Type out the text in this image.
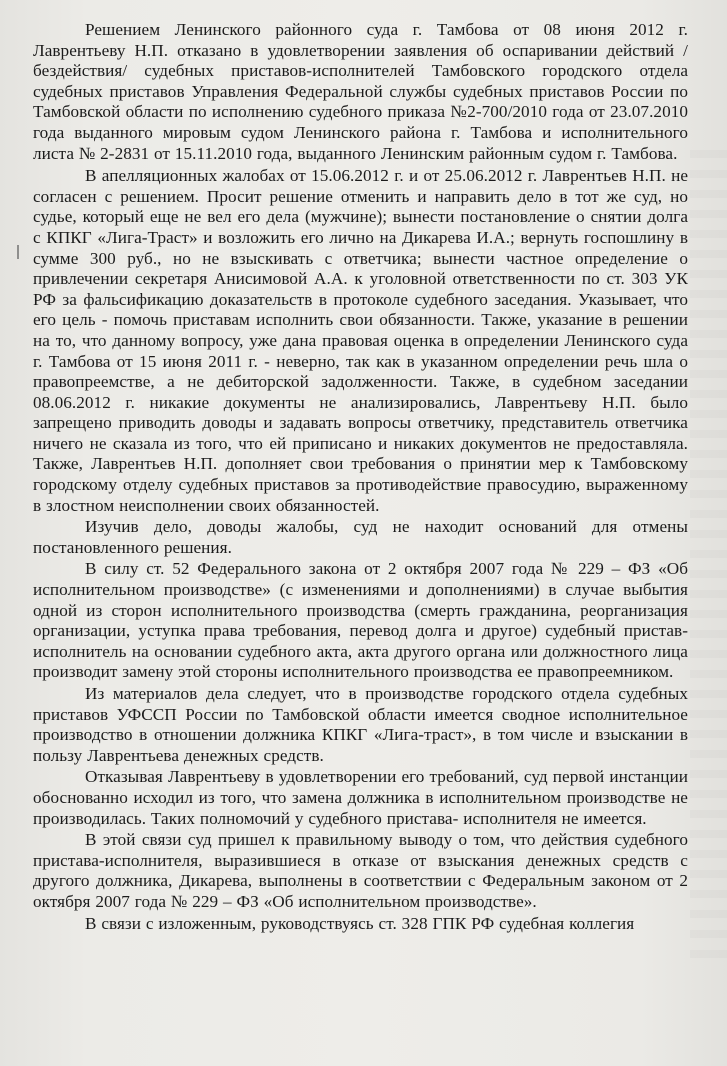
Решением Ленинского районного суда г. Тамбова от 08 июня 2012 г. Лаврентьеву Н.П. отказано в удовлетворении заявления об оспаривании действий /бездействия/ судебных приставов-исполнителей Тамбовского городского отдела судебных приставов Управления Федеральной службы судебных приставов России по Тамбовской области по исполнению судебного приказа №2-700/2010 года от 23.07.2010 года выданного мировым судом Ленинского района г. Тамбова и исполнительного листа № 2-2831 от 15.11.2010 года, выданного Ленинским районным судом г. Тамбова.

В апелляционных жалобах от 15.06.2012 г. и от 25.06.2012 г. Лаврентьев Н.П. не согласен с решением. Просит решение отменить и направить дело в тот же суд, но судье, который еще не вел его дела (мужчине); вынести постановление о снятии долга с КПКГ «Лига-Траст» и возложить его лично на Дикарева И.А.; вернуть госпошлину в сумме 300 руб., но не взыскивать с ответчика; вынести частное определение о привлечении секретаря Анисимовой А.А. к уголовной ответственности по ст. 303 УК РФ за фальсификацию доказательств в протоколе судебного заседания. Указывает, что его цель - помочь приставам исполнить свои обязанности. Также, указание в решении на то, что данному вопросу, уже дана правовая оценка в определении Ленинского суда г. Тамбова от 15 июня 2011 г. - неверно, так как в указанном определении речь шла о правопреемстве, а не дебиторской задолженности. Также, в судебном заседании 08.06.2012 г. никакие документы не анализировались, Лаврентьеву Н.П. было запрещено приводить доводы и задавать вопросы ответчику, представитель ответчика ничего не сказала из того, что ей приписано и никаких документов не предоставляла. Также, Лаврентьев Н.П. дополняет свои требования о принятии мер к Тамбовскому городскому отделу судебных приставов за противодействие правосудию, выраженному в злостном неисполнении своих обязанностей.

Изучив дело, доводы жалобы, суд не находит оснований для отмены постановленного решения.

В силу ст. 52 Федерального закона от 2 октября 2007 года № 229 – ФЗ «Об исполнительном производстве» (с изменениями и дополнениями) в случае выбытия одной из сторон исполнительного производства (смерть гражданина, реорганизация организации, уступка права требования, перевод долга и другое) судебный пристав-исполнитель на основании судебного акта, акта другого органа или должностного лица производит замену этой стороны исполнительного производства ее правопреемником.

Из материалов дела следует, что в производстве городского отдела судебных приставов УФССП России по Тамбовской области имеется сводное исполнительное производство в отношении должника КПКГ «Лига-траст», в том числе и взыскании в пользу Лаврентьева денежных средств.

Отказывая Лаврентьеву в удовлетворении его требований, суд первой инстанции обоснованно исходил из того, что замена должника в исполнительном производстве не производилась. Таких полномочий у судебного пристава- исполнителя не имеется.

В этой связи суд пришел к правильному выводу о том, что действия судебного пристава-исполнителя, выразившиеся в отказе от взыскания денежных средств с другого должника, Дикарева, выполнены в соответствии с Федеральным законом от 2 октября 2007 года № 229 – ФЗ «Об исполнительном производстве».

В связи с изложенным, руководствуясь ст. 328 ГПК РФ судебная коллегия
